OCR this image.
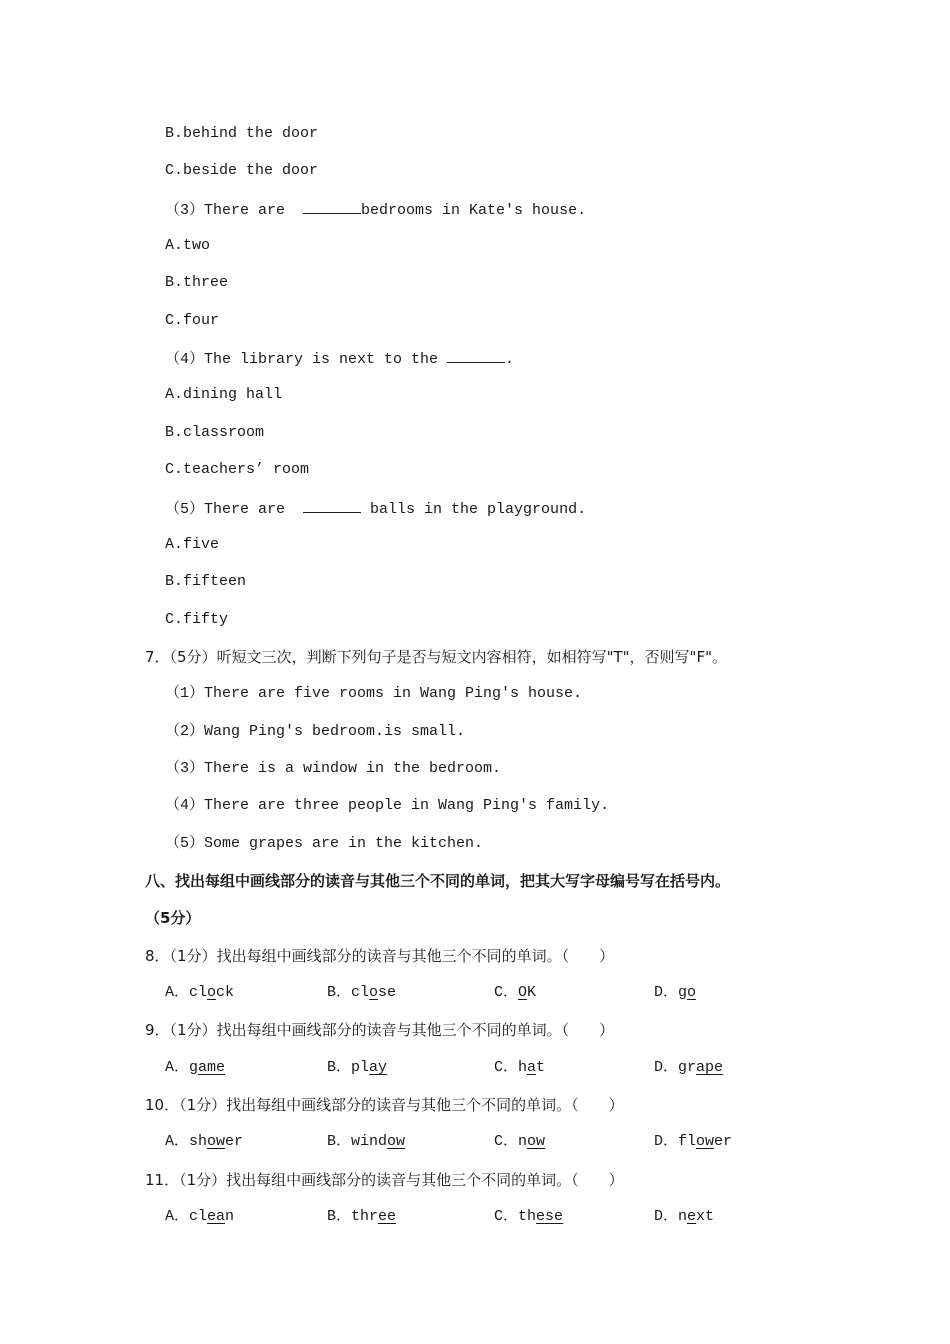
B.behind the door
C.beside the door
（3）There are	bedrooms in Kate's house.
A.two
B.three
C.four
（4）The library is next to the	.
A.dining hall
B.classroom
C.teachers’ room
（5）There are	balls in the playground.
A.five
B.fifteen
C.fifty
7．（5分）听短文三次，判断下列句子是否与短文内容相符，如相符写"T"，否则写"F"。
（1）There are five rooms in Wang Ping's house.
（2）Wang Ping's bedroom.is small.
（3）There is a window in the bedroom.
（4）There are three people in Wang Ping's family.
（5）Some grapes are in the kitchen.
八、找出每组中画线部分的读音与其他三个不同的单词，把其大写字母编号写在括号内。
（5分）
8．（1分）找出每组中画线部分的读音与其他三个不同的单词。（　　）
A．clock	B．close	C．OK	D．go
9．（1分）找出每组中画线部分的读音与其他三个不同的单词。（　　）
A．game	B．play	C．hat	D．grape
10．（1分）找出每组中画线部分的读音与其他三个不同的单词。（　　）
A．shower	B．window	C．now	D．flower
11．（1分）找出每组中画线部分的读音与其他三个不同的单词。（　　）
A．clean	B．three	C．these	D．next
